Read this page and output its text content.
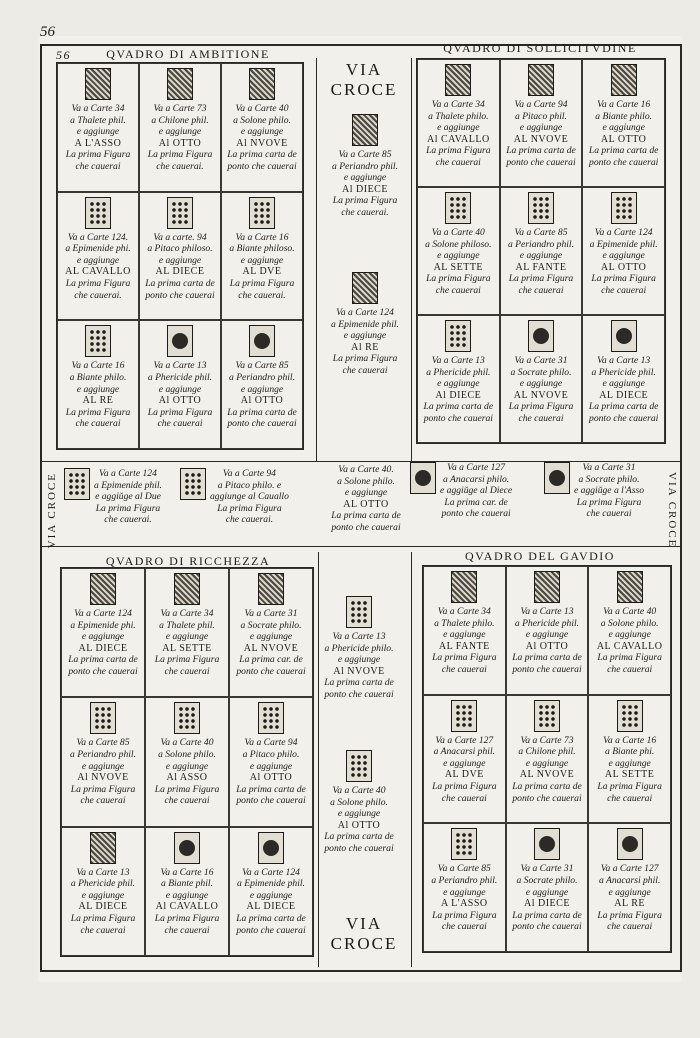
56
56	QVADRO DI AMBITIONE	QVADRO DI SOLLICITVDINE
QVADRO DI RICCHEZZA	QVADRO DEL GAVDIO
Va a Carte 34
a Thalete phil.
e aggiunge
A L'ASSO
La prima Figura
che cauerai
Va a Carte 73
a Chilone phil.
e aggiunge
Al OTTO
La prima Figura
che cauerai.
Va a Carte 40
a Solone philo.
e aggiunge
Al NVOVE
La prima carta de
ponto che cauerai
Va a Carte 124.
a Epimenide phi.
e aggiunge
AL CAVALLO
La prima Figura
che cauerai.
Va a carte. 94
a Pitaco philoso.
e aggiunge
AL DIECE
La prima carta de
ponto che cauerai
Va a Carte 16
a Biante philoso.
e aggiunge
AL DVE
La prima Figura
che cauerai.
Va a Carte 16
a Biante philo.
e aggiunge
AL RE
La prima Figura
che cauerai
Va a Carte 13
a Phericide phil.
e aggiunge
Al OTTO
La prima Figura
che cauerai
Va a Carte 85
a Periandro phil.
e aggiunge
Al OTTO
La prima carta de
ponto che cauerai
Va a Carte 34
a Thalete philo.
e aggiunge
Al CAVALLO
La prima Figura
che cauerai
Va a Carte 94
a Pitaco phil.
e aggiunge
AL NVOVE
La prima carta de
ponto che cauerai
Va a Carte 16
a Biante philo.
e aggiunge
AL OTTO
La prima carta de
ponto che cauerai
Va a Carte 40
a Solone philoso.
e aggiunge
AL SETTE
La prima Figura
che cauerai
Va a Carte 85
a Periandro phil.
e aggiunge
AL FANTE
La prima Figura
che cauerai
Va a Carte 124
a Epimenide phil.
e aggiunge
AL OTTO
La prima Figura
che cauerai
Va a Carte 13
a Phericide phil.
e aggiunge
Al DIECE
La prima carta de
ponto che cauerai
Va a Carte 31
a Socrate philo.
e aggiunge
AL NVOVE
La prima Figura
che cauerai
Va a Carte 13
a Phericide phil.
e aggiunge
AL DIECE
La prima carta de
ponto che cauerai
Va a Carte 124
a Epimenide phi.
e aggiunge
AL DIECE
La prima carta de
ponto che cauerai
Va a Carte 34
a Thalete phil.
e aggiunge
AL SETTE
La prima Figura
che cauerai
Va a Carte 31
a Socrate philo.
e aggiunge
AL NVOVE
La prima car. de
ponto che cauerai
Va a Carte 85
a Periandro phil.
e aggiunge
Al NVOVE
La prima Figura
che cauerai
Va a Carte 40
a Solone philo.
e aggiunge
Al ASSO
La prima Figura
che cauerai
Va a Carte 94
a Pitaco philo.
e aggiunge
Al OTTO
La prima carta de
ponto che cauerai
Va a Carte 13
a Phericide phil.
e aggiunge
AL DIECE
La prima Figura
che cauerai
Va a Carte 16
a Biante phil.
e aggiunge
Al CAVALLO
La prima Figura
che cauerai
Va a Carte 124
a Epimenide phil.
e aggiunge
AL DIECE
La prima carta de
ponto che cauerai
Va a Carte 34
a Thalete philo.
e aggiunge
AL FANTE
La prima Figura
che cauerai
Va a Carte 13
a Phericide phil.
e aggiunge
Al OTTO
La prima carta de
ponto che cauerai
Va a Carte 40
a Solone philo.
e aggiunge
AL CAVALLO
La prima Figura
che cauerai
Va a Carte 127
a Anacarsi phil.
e aggiunge
AL DVE
La prima Figura
che cauerai
Va a Carte 73
a Chilone phil.
e aggiunge
AL NVOVE
La prima carta de
ponto che cauerai
Va a Carte 16
a Biante phi.
e aggiunge
AL SETTE
La prima Figura
che cauerai
Va a Carte 85
a Periandro phil.
e aggiunge
A L'ASSO
La prima Figura
che cauerai
Va a Carte 31
a Socrate philo.
e aggiunge
Al DIECE
La prima carta de
ponto che cauerai
Va a Carte 127
a Anacarsi phil.
e aggiunge
AL RE
La prima Figura
che cauerai
VIA
CROCE
VIA
CROCE
VIA CROCE	VIA CROCE
Va a Carte 85
a Periandro phil.
e aggiunge
Al DIECE
La prima Figura
che cauerai.
Va a Carte 124
a Epimenide phil.
e aggiunge
Al RE
La prima Figura
che cauerai
Va a Carte 13
a Phericide philo.
e aggiunge
Al NVOVE
La prima carta de
ponto che cauerai
Va a Carte 40
a Solone philo.
e aggiunge
Al OTTO
La prima carta de
ponto che cauerai
Va a Carte 124
a Epimenide phil.
e aggiŭge al Due
La prima Figura
che cauerai.
Va a Carte 94
a Pitaco philo. e
aggiunge al Cauallo
La prima Figura
che cauerai.
Va a Carte 40.
a Solone philo.
e aggiunge
AL OTTO
La prima carta de
ponto che cauerai
Va a Carte 127
a Anacarsi philo.
e aggiŭge al Diece
La prima car. de
ponto che cauerai
Va a Carte 31
a Socrate philo.
e aggiŭge a l'Asso
La prima Figura
che cauerai
